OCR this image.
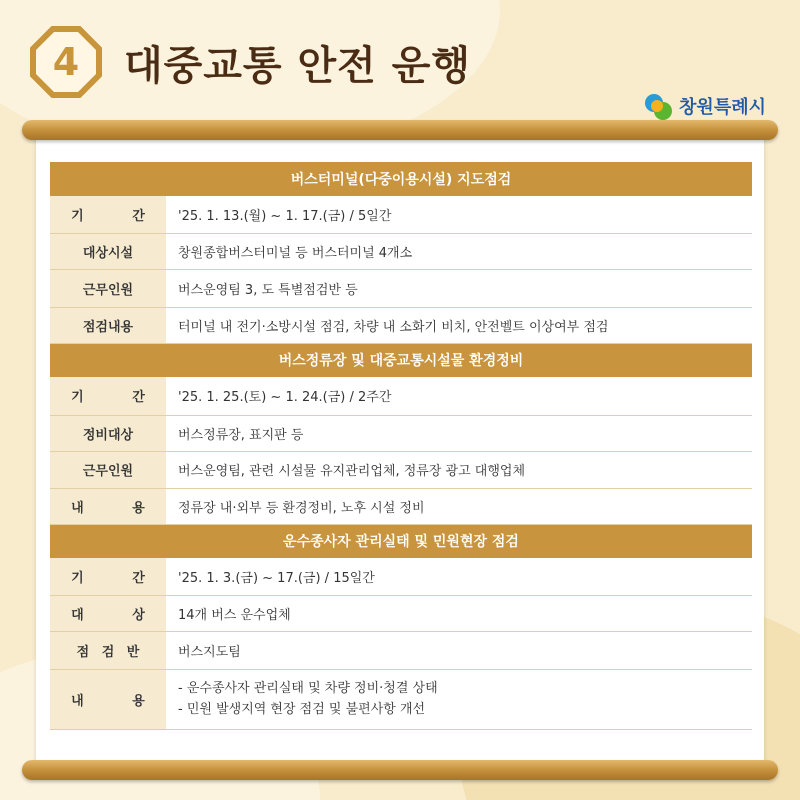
4	대중교통 안전 운행
창원특례시
버스터미널(다중이용시설) 지도점검	
기 간	'25. 1. 13.(월) ~ 1. 17.(금) / 5일간
대상시설	창원종합버스터미널 등 버스터미널 4개소
근무인원	버스운영팀 3, 도 특별점검반 등
점검내용	터미널 내 전기·소방시설 점검, 차량 내 소화기 비치, 안전벨트 이상여부 점검
버스정류장 및 대중교통시설물 환경정비	
기 간	'25. 1. 25.(토) ~ 1. 24.(금) / 2주간
정비대상	버스정류장, 표지판 등
근무인원	버스운영팀, 관련 시설물 유지관리업체, 정류장 광고 대행업체
내 용	정류장 내·외부 등 환경정비, 노후 시설 정비
운수종사자 관리실태 및 민원현장 점검	
기 간	'25. 1. 3.(금) ~ 17.(금) / 15일간
대 상	14개 버스 운수업체
점 검 반	버스지도팀
내 용	- 운수종사자 관리실태 및 차량 정비·청결 상태
- 민원 발생지역 현장 점검 및 불편사항 개선
